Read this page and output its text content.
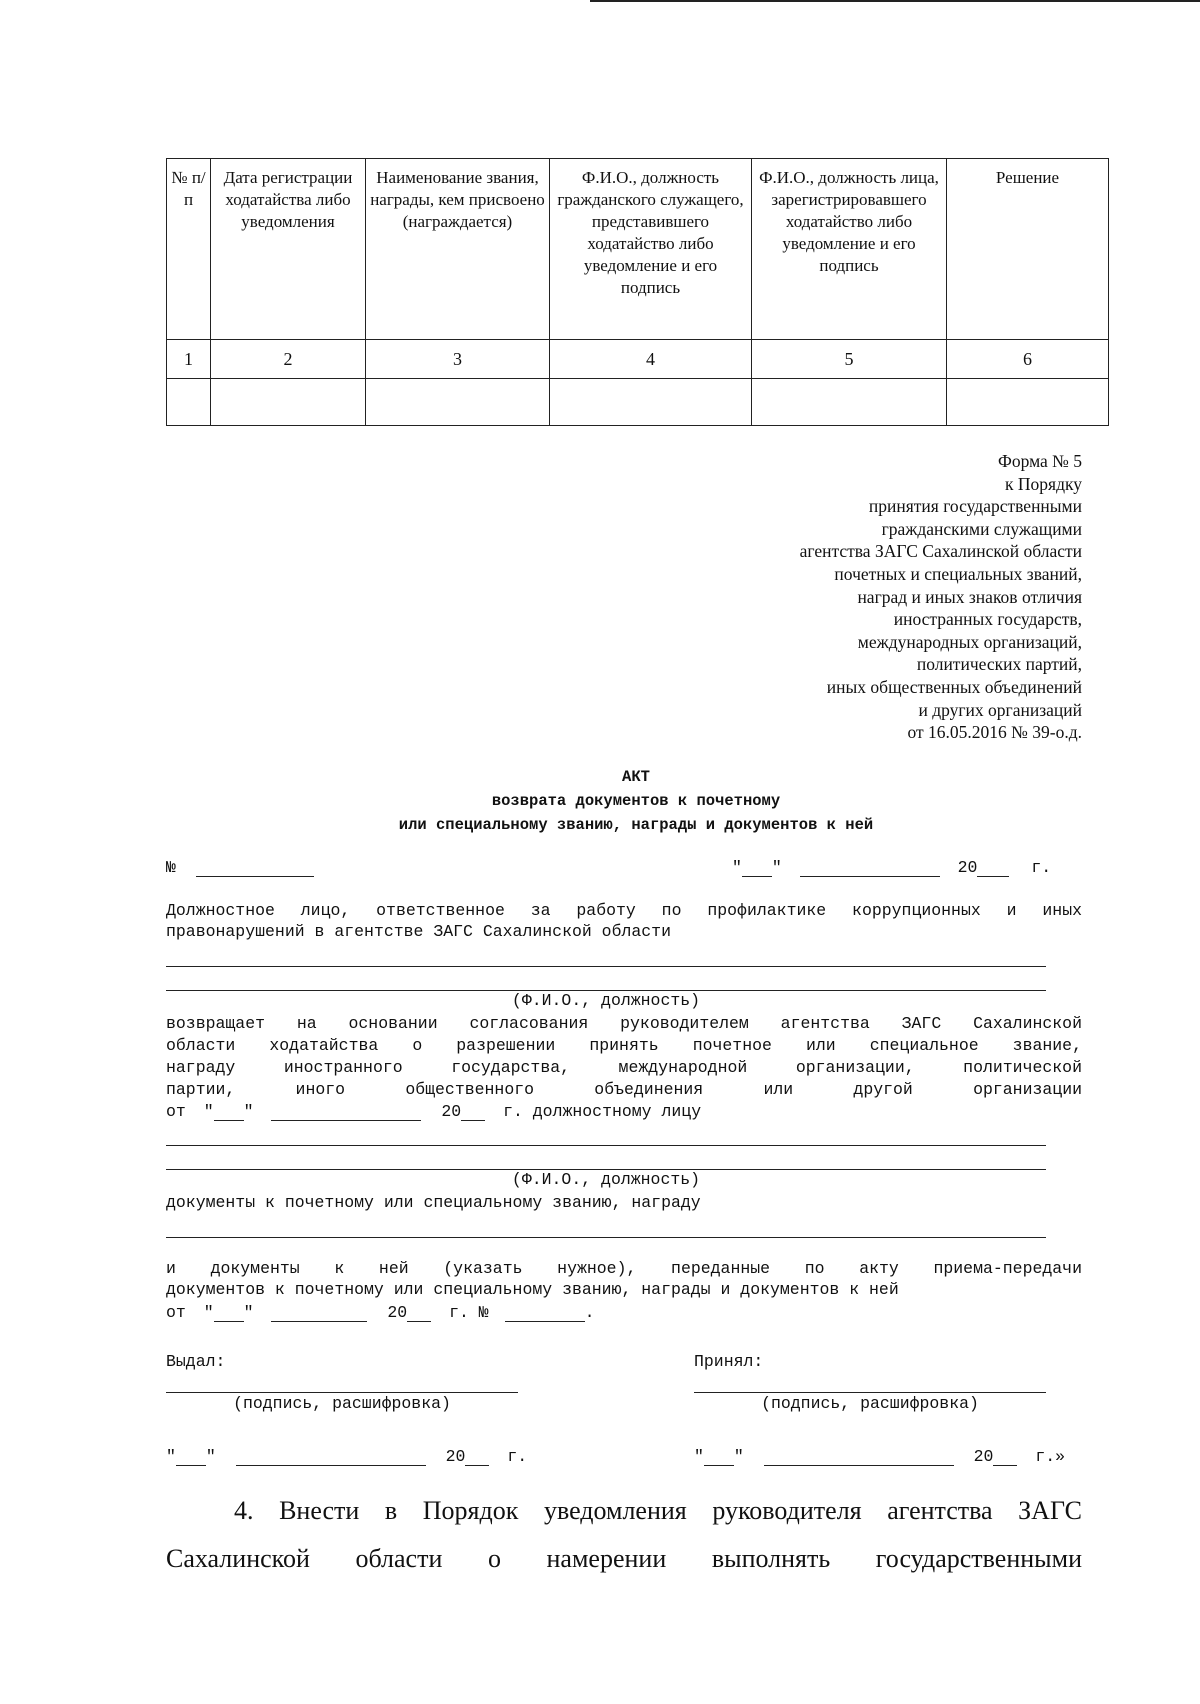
№ п/п	Дата регистрации ходатайства либо уведомления	Наименование звания, награды, кем присвоено (награждается)	Ф.И.О., должность гражданского служащего, представившего ходатайство либо уведомление и его подпись	Ф.И.О., должность лица, зарегистрировавшего ходатайство либо уведомление и его подпись	Решение
1	2	3	4	5	6

Форма № 5
к Порядку
принятия государственными
гражданскими служащими
агентства ЗАГС Сахалинской области
почетных и специальных званий,
наград и иных знаков отличия
иностранных государств,
международных организаций,
политических партий,
иных общественных объединений
и других организаций
от 16.05.2016 № 39-о.д.
АКТ
возврата документов к почетному
или специальному званию, награды и документов к ней
№	" "	20	г.
Должностное лицо, ответственное за работу по профилактике коррупционных и иных
правонарушений в агентстве ЗАГС Сахалинской области
(Ф.И.О., должность)
возвращает на основании согласования руководителем агентства ЗАГС Сахалинской
области ходатайства о разрешении принять почетное или специальное звание,
награду иностранного государства, международной организации, политической
партии, иного общественного объединения или другой организации
от " "	20	г. должностному лицу
(Ф.И.О., должность)
документы к почетному или специальному званию, награду
и документы к ней (указать нужное), переданные по акту приема-передачи
документов к почетному или специальному званию, награды и документов к ней
от " "	20	г. №	.
Выдал:	Принял:
(подпись, расшифровка)	(подпись, расшифровка)
" "	20	г.	" "	20	г.»
4. Внести в Порядок уведомления руководителя агентства ЗАГС
Сахалинской области о намерении выполнять государственными
